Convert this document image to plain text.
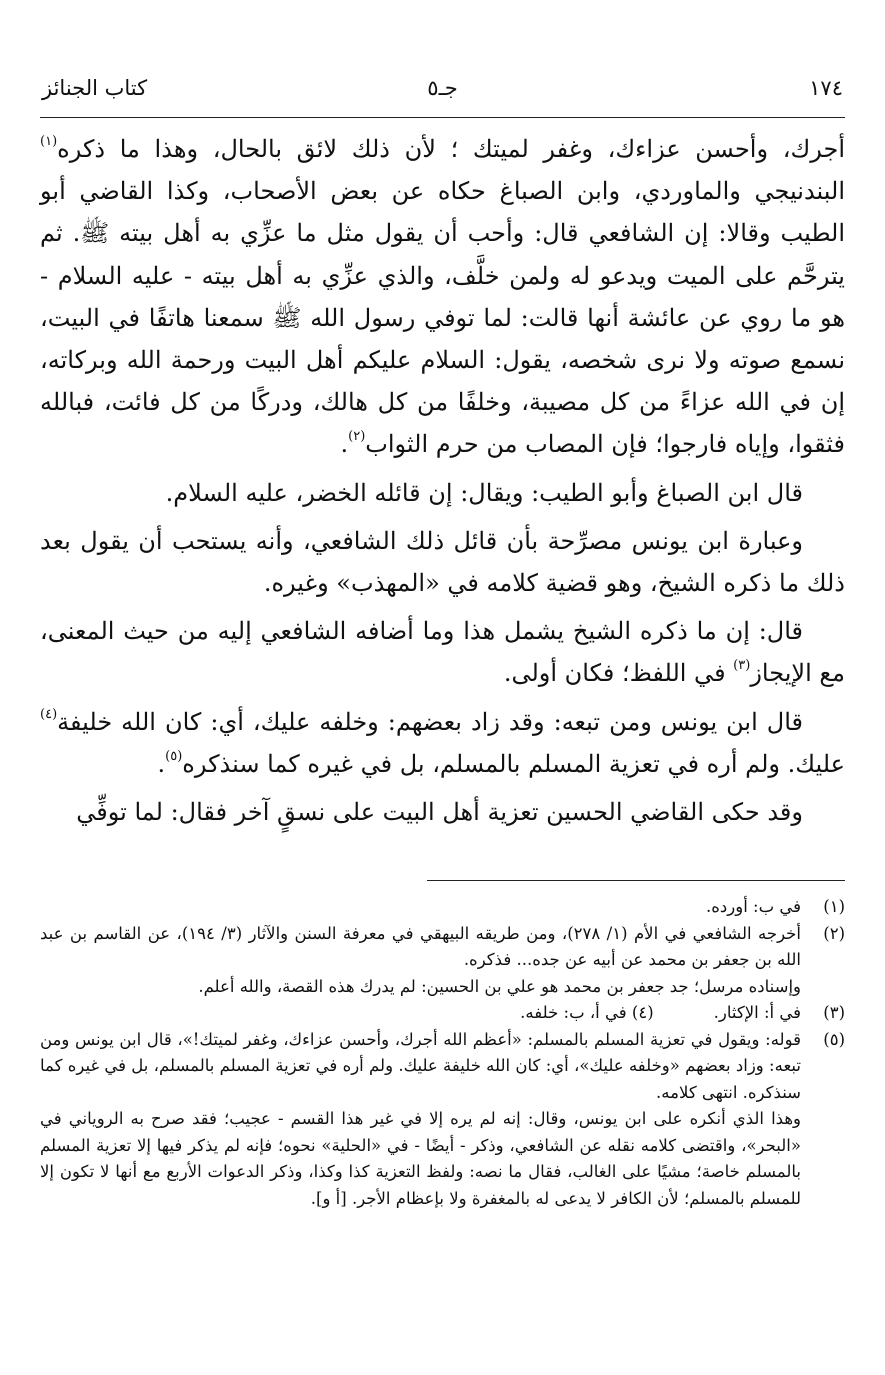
١٧٤
جـ٥
كتاب الجنائز

أجرك، وأحسن عزاءك، وغفر لميتك ؛ لأن ذلك لائق بالحال، وهذا ما ذكره$^{(١)}$ البندنيجي والماوردي، وابن الصباغ حكاه عن بعض الأصحاب، وكذا القاضي أبو الطيب وقالا: إن الشافعي قال: وأحب أن يقول مثل ما عزِّي به أهل بيته ﷺ. ثم يترحَّم على الميت ويدعو له ولمن خلَّف، والذي عزِّي به أهل بيته - عليه السلام - هو ما روي عن عائشة أنها قالت: لما توفي رسول الله ﷺ سمعنا هاتفًا في البيت، نسمع صوته ولا نرى شخصه، يقول: السلام عليكم أهل البيت ورحمة الله وبركاته، إن في الله عزاءً من كل مصيبة، وخلفًا من كل هالك، ودركًا من كل فائت، فبالله فثقوا، وإياه فارجوا؛ فإن المصاب من حرم الثواب$^{(٢)}$.

قال ابن الصباغ وأبو الطيب: ويقال: إن قائله الخضر، عليه السلام.

وعبارة ابن يونس مصرِّحة بأن قائل ذلك الشافعي، وأنه يستحب أن يقول بعد ذلك ما ذكره الشيخ، وهو قضية كلامه في «المهذب» وغيره.

قال: إن ما ذكره الشيخ يشمل هذا وما أضافه الشافعي إليه من حيث المعنى، مع الإيجاز$^{(٣)}$ في اللفظ؛ فكان أولى.

قال ابن يونس ومن تبعه: وقد زاد بعضهم: وخلفه عليك، أي: كان الله خليفة$^{(٤)}$ عليك. ولم أره في تعزية المسلم بالمسلم، بل في غيره كما سنذكره$^{(٥)}$.

وقد حكى القاضي الحسين تعزية أهل البيت على نسقٍ آخر فقال: لما توفِّي

(١)

في ب: أورده.

(٢)

أخرجه الشافعي في الأم (١/ ٢٧٨)، ومن طريقه البيهقي في معرفة السنن والآثار (٣/ ١٩٤)، عن القاسم بن عبد الله بن جعفر بن محمد عن أبيه عن جده... فذكره.

وإسناده مرسل؛ جد جعفر بن محمد هو علي بن الحسين: لم يدرك هذه القصة، والله أعلم.

(٣)

في أ: الإكثار.(٤) في أ، ب: خلفه.

(٥)

قوله: ويقول في تعزية المسلم بالمسلم: «أعظم الله أجرك، وأحسن عزاءك، وغفر لميتك!»، قال ابن يونس ومن تبعه: وزاد بعضهم «وخلفه عليك»، أي: كان الله خليفة عليك. ولم أره في تعزية المسلم بالمسلم، بل في غيره كما سنذكره. انتهى كلامه.

وهذا الذي أنكره على ابن يونس، وقال: إنه لم يره إلا في غير هذا القسم - عجيب؛ فقد صرح به الروياني في «البحر»، واقتضى كلامه نقله عن الشافعي، وذكر - أيضًا - في «الحلية» نحوه؛ فإنه لم يذكر فيها إلا تعزية المسلم بالمسلم خاصة؛ مشيًا على الغالب، فقال ما نصه: ولفظ التعزية كذا وكذا، وذكر الدعوات الأربع مع أنها لا تكون إلا للمسلم بالمسلم؛ لأن الكافر لا يدعى له بالمغفرة ولا بإعظام الأجر. [أ و].
